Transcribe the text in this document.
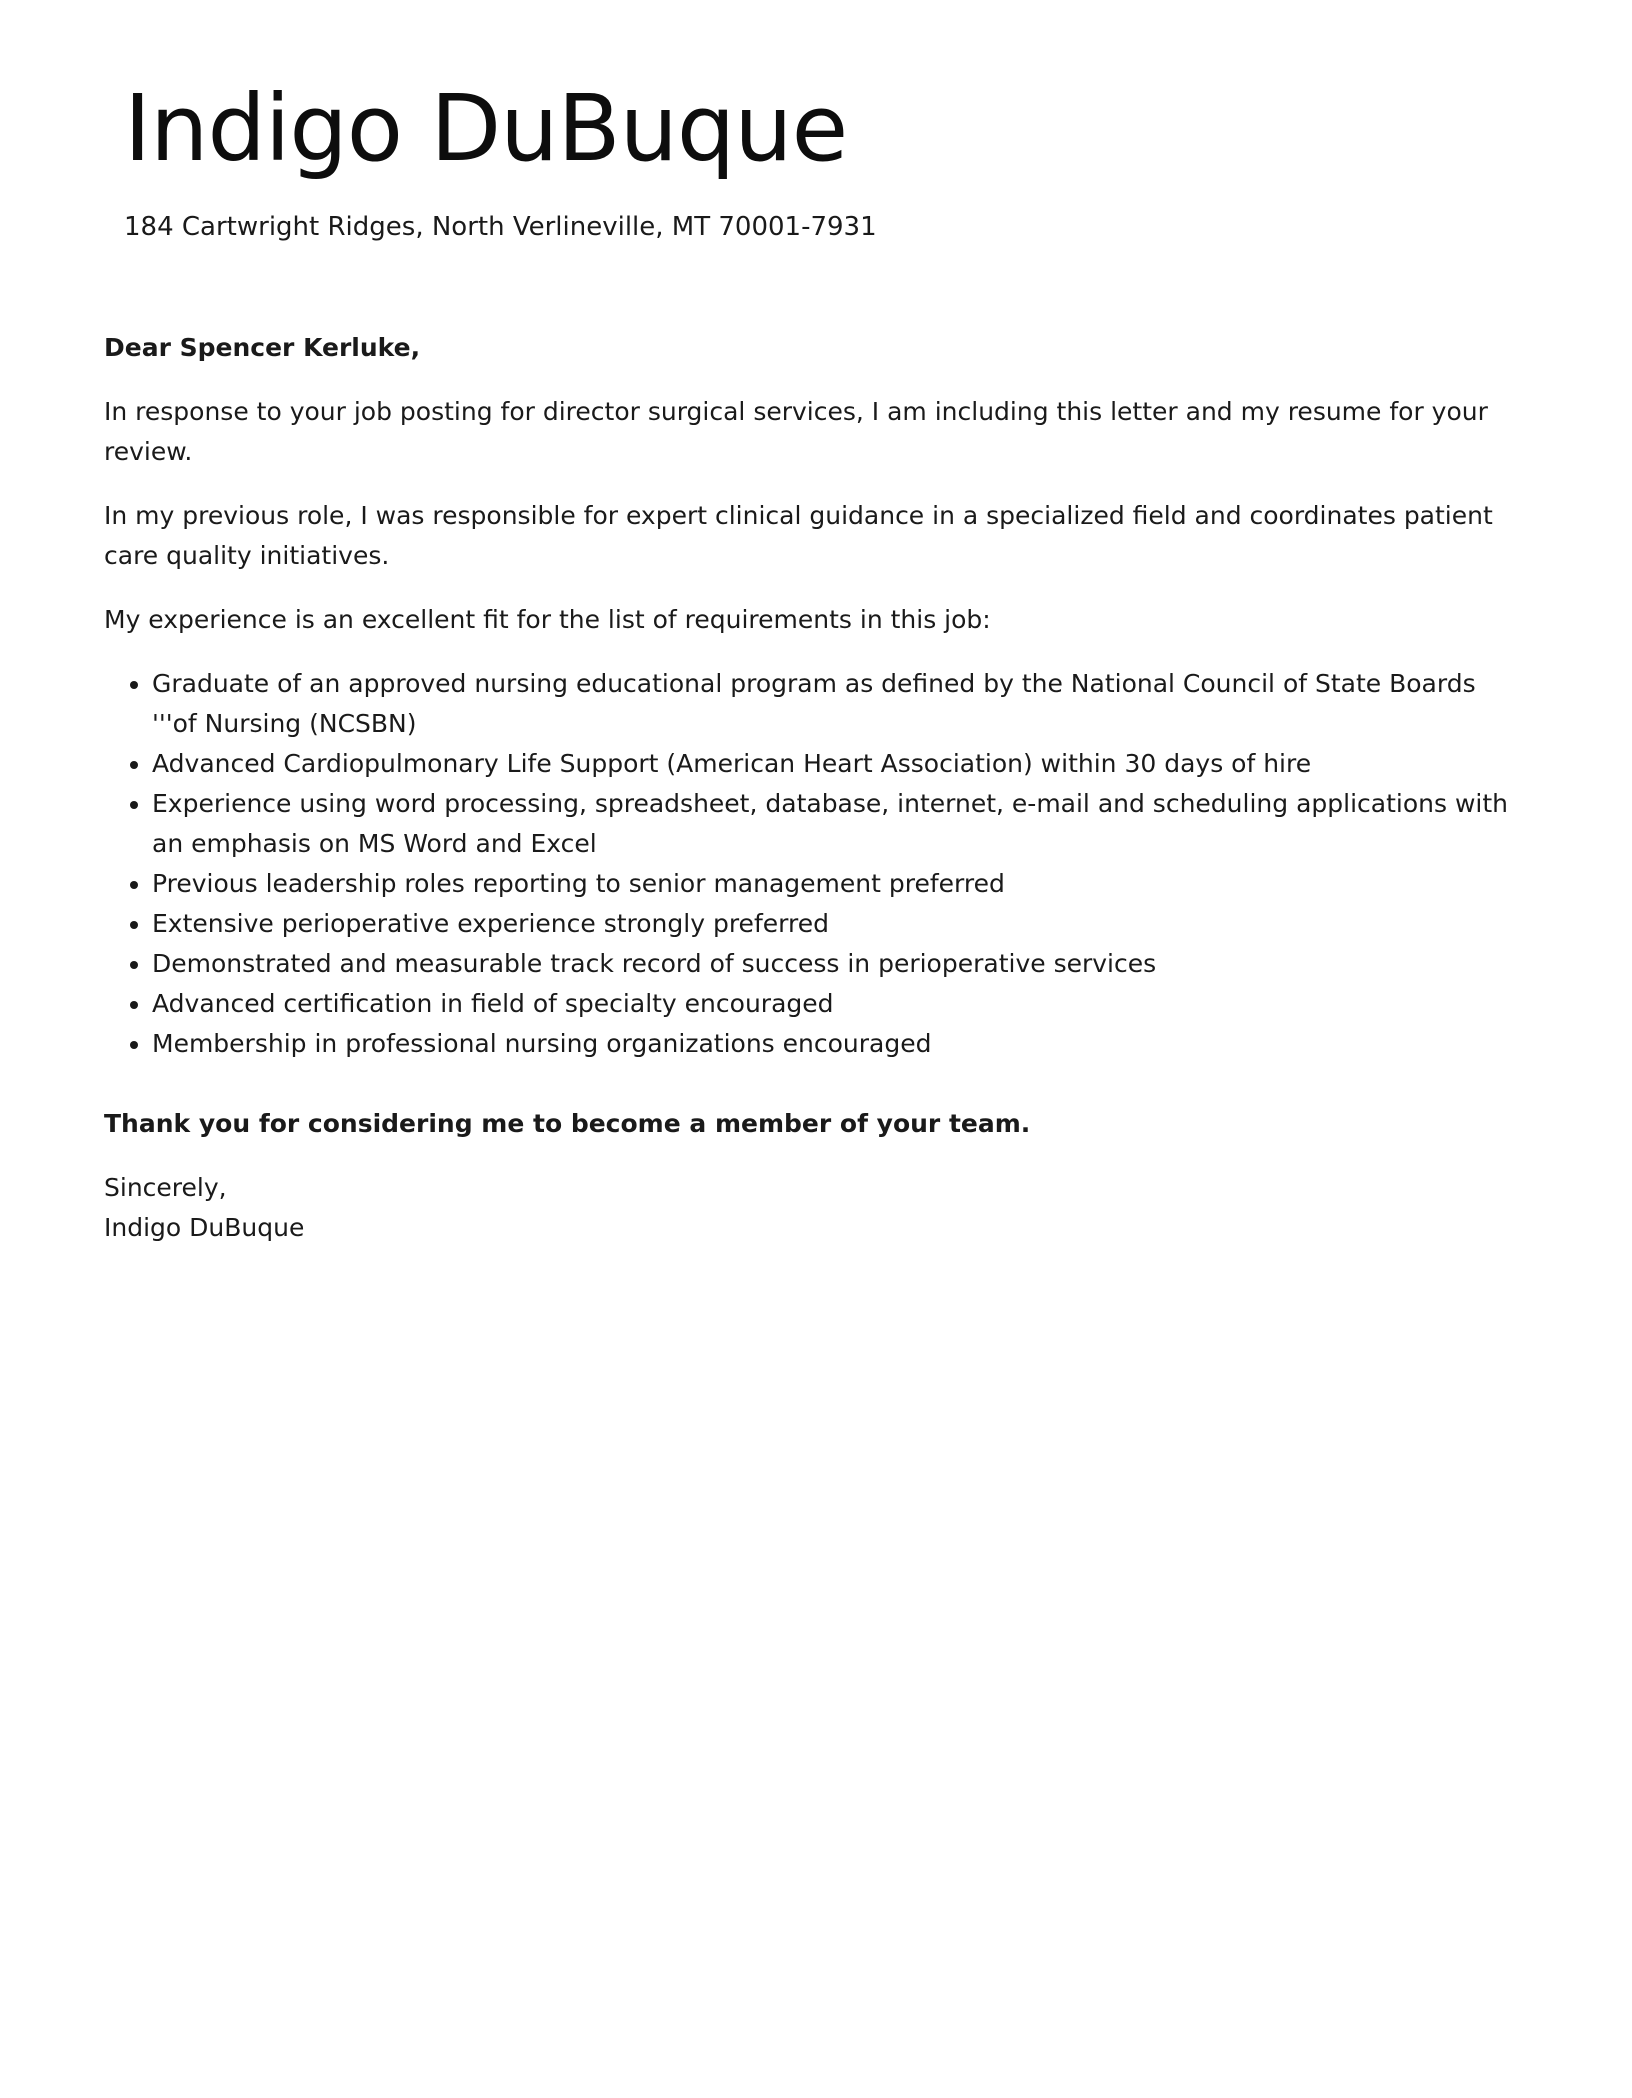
Indigo DuBuque
184 Cartwright Ridges, North Verlineville, MT 70001-7931

Dear Spencer Kerluke,

In response to your job posting for director surgical services, I am including this letter and my resume for your review.

In my previous role, I was responsible for expert clinical guidance in a specialized field and coordinates patient care quality initiatives.

My experience is an excellent fit for the list of requirements in this job:

• Graduate of an approved nursing educational program as defined by the National Council of State Boards '''of Nursing (NCSBN)
• Advanced Cardiopulmonary Life Support (American Heart Association) within 30 days of hire
• Experience using word processing, spreadsheet, database, internet, e-mail and scheduling applications with an emphasis on MS Word and Excel
• Previous leadership roles reporting to senior management preferred
• Extensive perioperative experience strongly preferred
• Demonstrated and measurable track record of success in perioperative services
• Advanced certification in field of specialty encouraged
• Membership in professional nursing organizations encouraged

Thank you for considering me to become a member of your team.

Sincerely,
Indigo DuBuque
